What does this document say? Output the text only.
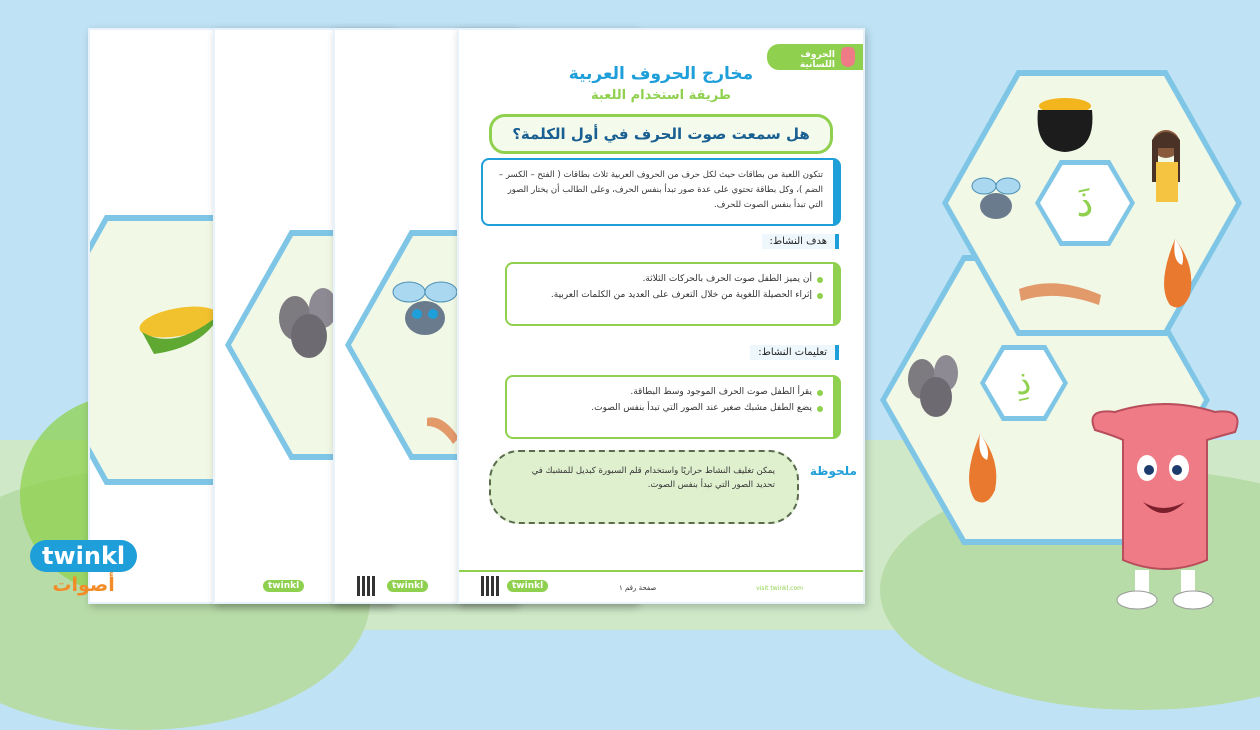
twinkl	twinkl
الحروف اللسانية
مخارج الحروف العربية
طريقة استخدام اللعبة
هل سمعت صوت الحرف في أول الكلمة؟
تتكون اللعبة من بطاقات حيث لكل حرف من الحروف العربية ثلاث بطاقات ( الفتح – الكسر – الضم )، وكل بطاقة تحتوي على عدة صور تبدأ بنفس الحرف، وعلى الطالب أن يختار الصور التي تبدأ بنفس الصوت للحرف.
هدف النشاط:
أن يميز الطفل صوت الحرف بالحركات الثلاثة.
إثراء الحصيلة اللغوية من خلال التعرف على العديد من الكلمات العربية.
تعليمات النشاط:
يقرأ الطفل صوت الحرف الموجود وسط البطاقة.
يضع الطفل مشبك صغير عند الصور التي تبدأ بنفس الصوت.
ملحوظة
يمكن تغليف النشاط حراريًا واستخدام قلم السبورة كبديل للمشبك في تحديد الصور التي تبدأ بنفس الصوت.
twinkl	صفحة رقم ١	visit twinkl.com
ذِ
ذَ
twinkl
أصوات
